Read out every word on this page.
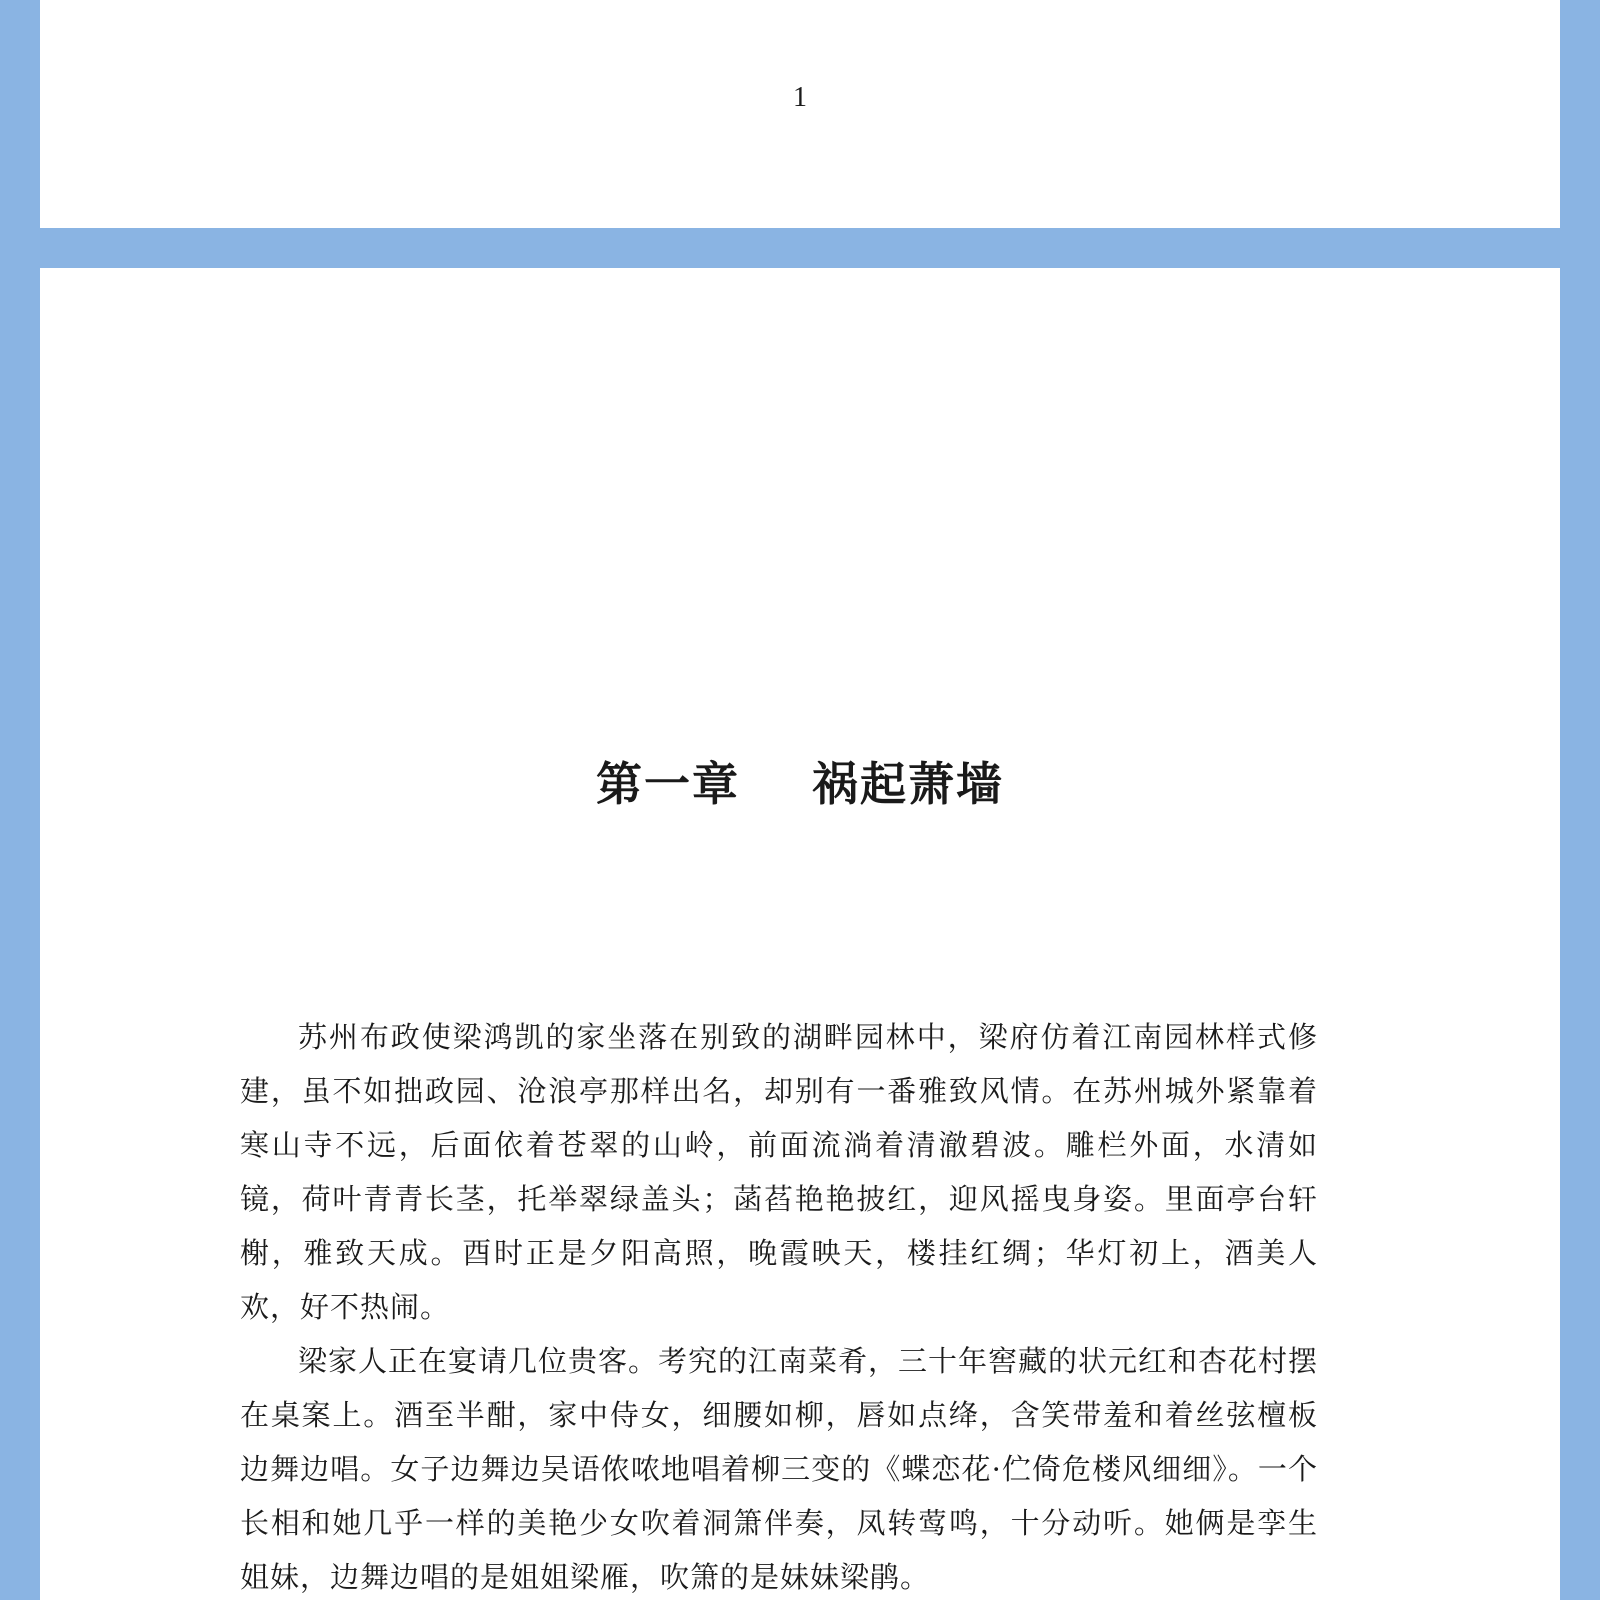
1
第一章    祸起萧墙

苏州布政使梁鸿凯的家坐落在别致的湖畔园林中，梁府仿着江南园林样式修建，虽不如拙政园、沧浪亭那样出名，却别有一番雅致风情。在苏州城外紧靠着寒山寺不远，后面依着苍翠的山岭，前面流淌着清澈碧波。雕栏外面，水清如镜，荷叶青青长茎，托举翠绿盖头；菡萏艳艳披红，迎风摇曳身姿。里面亭台轩榭，雅致天成。酉时正是夕阳高照，晚霞映天，楼挂红绸；华灯初上，酒美人欢，好不热闹。

梁家人正在宴请几位贵客。考究的江南菜肴，三十年窖藏的状元红和杏花村摆在桌案上。酒至半酣，家中侍女，细腰如柳，唇如点绛，含笑带羞和着丝弦檀板边舞边唱。女子边舞边吴语侬哝地唱着柳三变的《蝶恋花·伫倚危楼风细细》。一个长相和她几乎一样的美艳少女吹着洞箫伴奏，凤转莺鸣，十分动听。她俩是孪生姐妹，边舞边唱的是姐姐梁雁，吹箫的是妹妹梁鹃。
